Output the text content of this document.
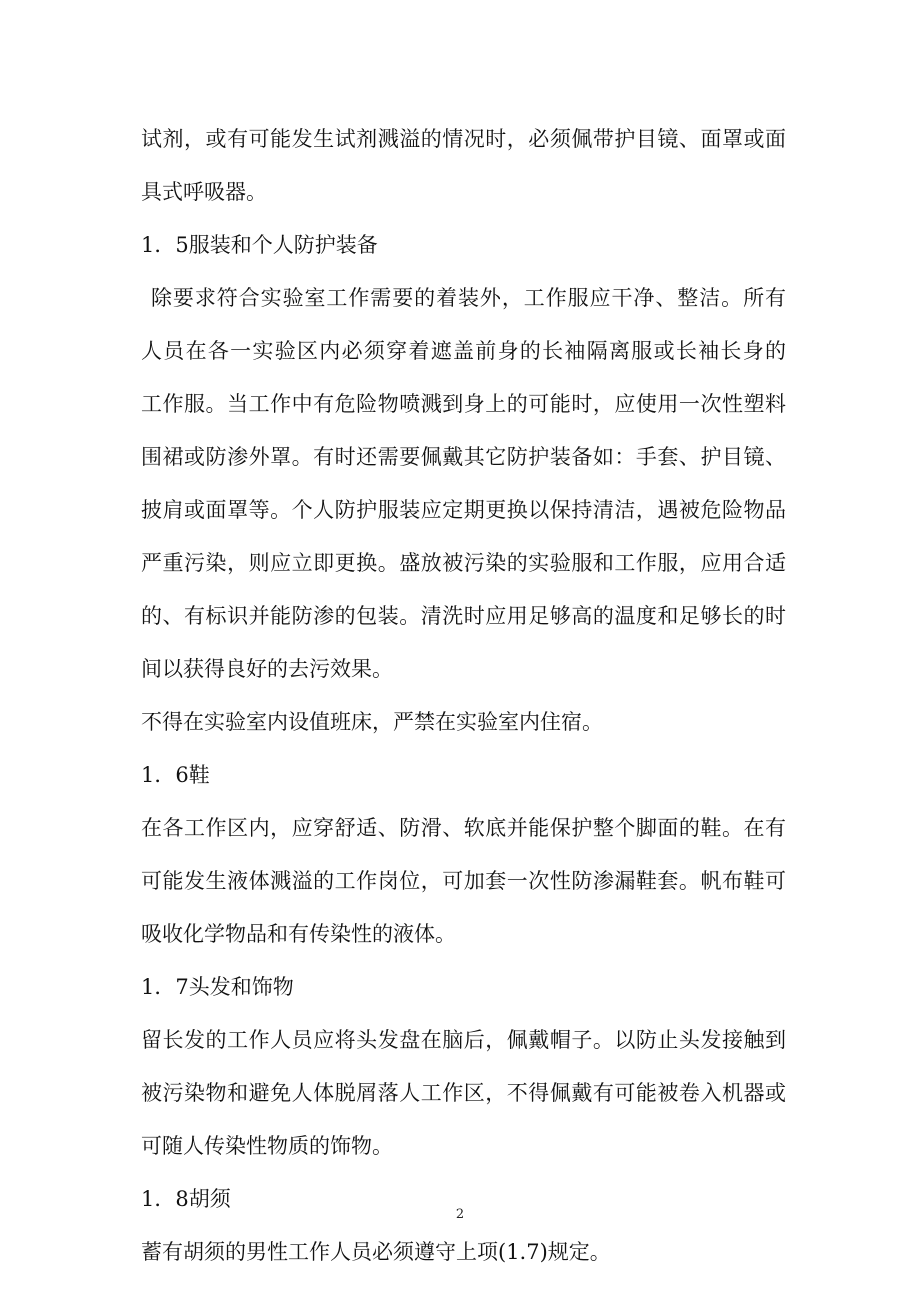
试剂，或有可能发生试剂溅溢的情况时，必须佩带护目镜、面罩或面
具式呼吸器。
1．5服装和个人防护装备
除要求符合实验室工作需要的着装外，工作服应干净、整洁。所有
人员在各一实验区内必须穿着遮盖前身的长袖隔离服或长袖长身的
工作服。当工作中有危险物喷溅到身上的可能时，应使用一次性塑料
围裙或防渗外罩。有时还需要佩戴其它防护装备如：手套、护目镜、
披肩或面罩等。个人防护服装应定期更换以保持清洁，遇被危险物品
严重污染，则应立即更换。盛放被污染的实验服和工作服，应用合适
的、有标识并能防渗的包装。清洗时应用足够高的温度和足够长的时
间以获得良好的去污效果。
不得在实验室内设值班床，严禁在实验室内住宿。
1．6鞋
在各工作区内，应穿舒适、防滑、软底并能保护整个脚面的鞋。在有
可能发生液体溅溢的工作岗位，可加套一次性防渗漏鞋套。帆布鞋可
吸收化学物品和有传染性的液体。
1．7头发和饰物
留长发的工作人员应将头发盘在脑后，佩戴帽子。以防止头发接触到
被污染物和避免人体脱屑落人工作区，不得佩戴有可能被卷入机器或
可随人传染性物质的饰物。
1．8胡须
蓄有胡须的男性工作人员必须遵守上项(1.7)规定。
2
